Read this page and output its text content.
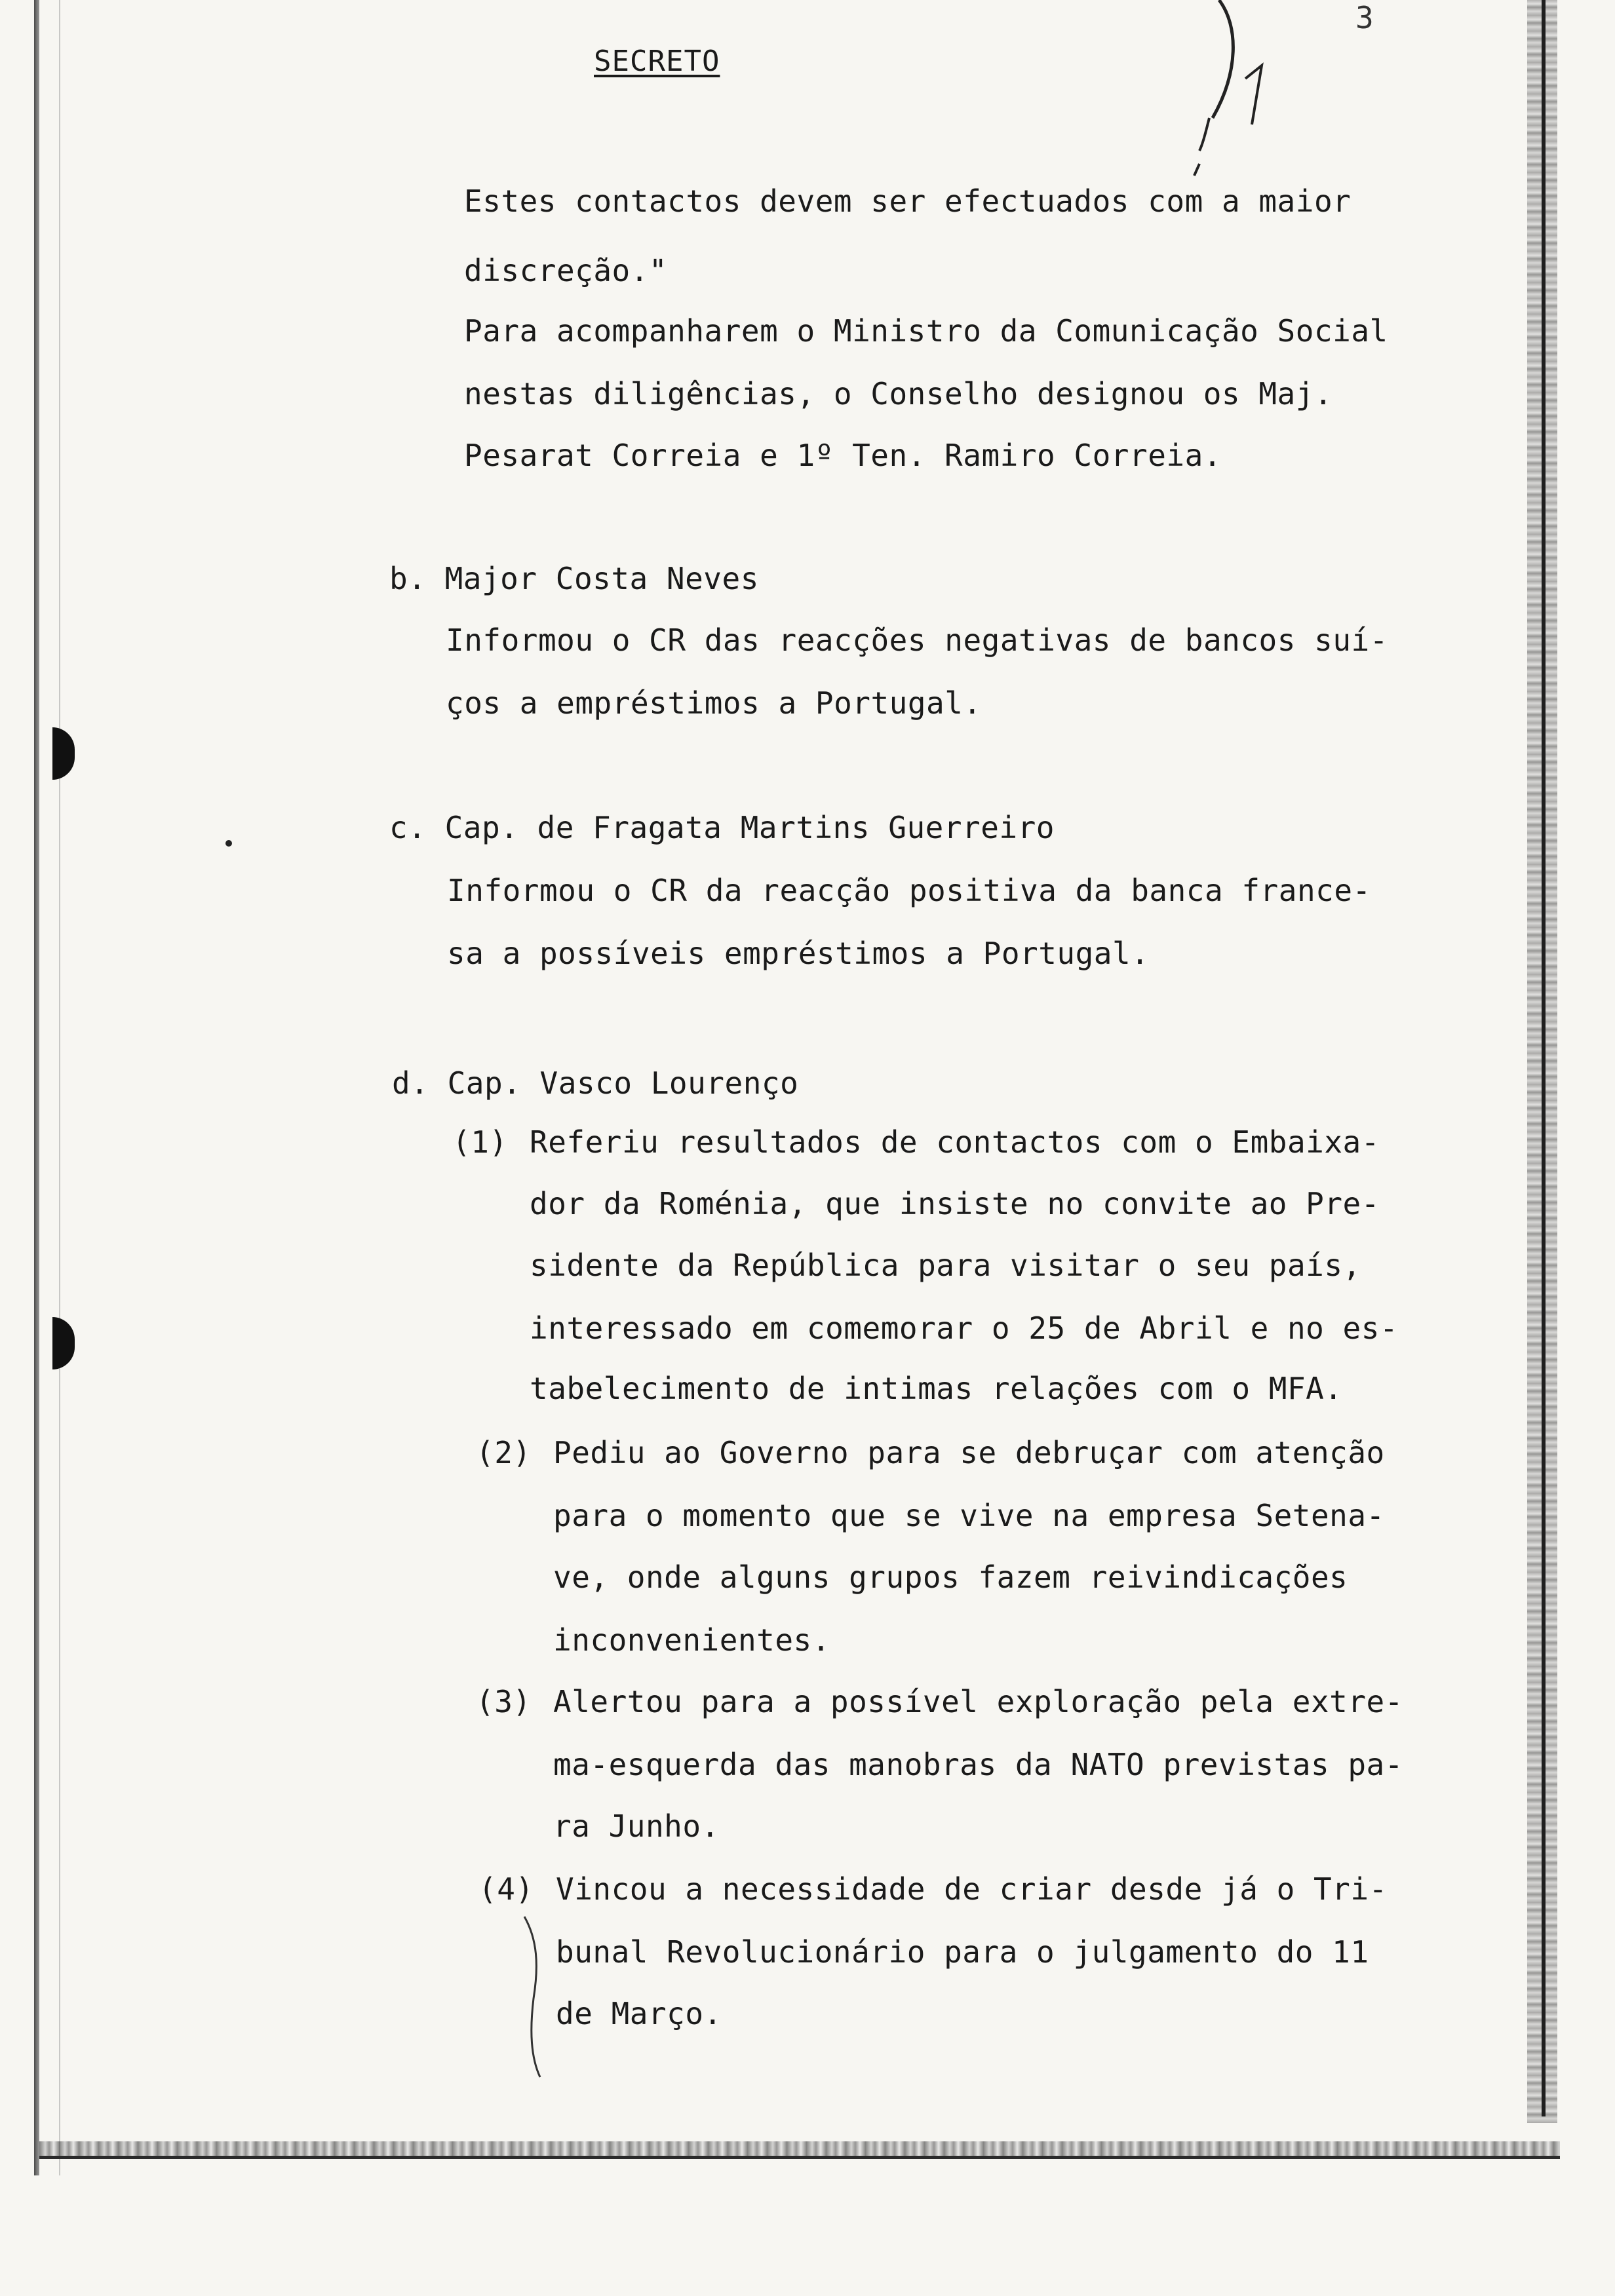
3
SECRETO
Estes contactos devem ser efectuados com a maior
discreção."
Para acompanharem o Ministro da Comunicação Social
nestas diligências, o Conselho designou os Maj.
Pesarat Correia e 1º Ten. Ramiro Correia.
b. Major Costa Neves
Informou o CR das reacções negativas de bancos suí-
ços a empréstimos a Portugal.
c. Cap. de Fragata Martins Guerreiro
Informou o CR da reacção positiva da banca france-
sa a possíveis empréstimos a Portugal.
d. Cap. Vasco Lourenço
(1) Referiu resultados de contactos com o Embaixa-
dor da Roménia, que insiste no convite ao Pre-
sidente da República para visitar o seu país,
interessado em comemorar o 25 de Abril e no es-
tabelecimento de intimas relações com o MFA.
(2) Pediu ao Governo para se debruçar com atenção
para o momento que se vive na empresa Setena-
ve, onde alguns grupos fazem reivindicações
inconvenientes.
(3) Alertou para a possível exploração pela extre-
ma-esquerda das manobras da NATO previstas pa-
ra Junho.
(4) Vincou a necessidade de criar desde já o Tri-
bunal Revolucionário para o julgamento do 11
de Março.
